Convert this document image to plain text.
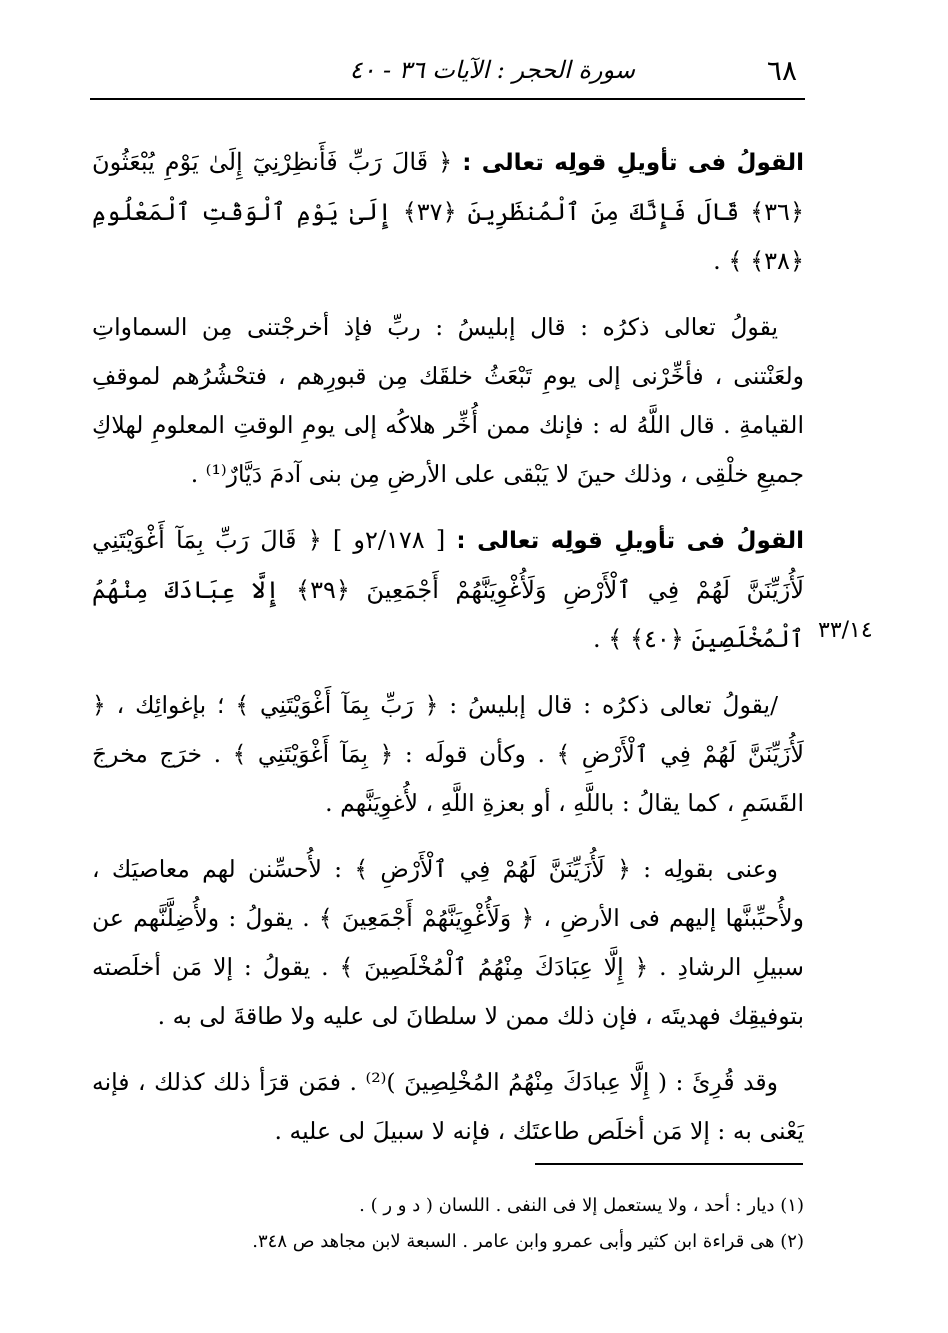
٦٨
سورة الحجر : الآيات ٣٦ - ٤٠
٣٣/١٤

القولُ فى تأويلِ قولِه تعالى : ﴿ قَالَ رَبِّ فَأَنظِرْنِيٓ إِلَىٰ يَوْمِ يُبْعَثُونَ ﴿٣٦﴾ قَالَ فَإِنَّكَ مِنَ ٱلْمُنظَرِينَ ﴿٣٧﴾ إِلَىٰ يَوْمِ ٱلْوَقْتِ ٱلْمَعْلُومِ ﴿٣٨﴾ ﴾ .

يقولُ تعالى ذكرُه : قال إبليسُ : ربِّ فإذ أخرجْتنى مِن السماواتِ ولعَنْتنى ، فأخِّرْنى إلى يومِ تَبْعَثُ خلقَك مِن قبورِهم ، فتحْشُرُهم لموقفِ القيامةِ . قال اللَّهُ له : فإنك ممن أُخِّر هلاكُه إلى يومِ الوقتِ المعلومِ لهلاكِ جميعِ خلْقِى ، وذلك حينَ لا يَبْقى على الأرضِ مِن بنى آدمَ دَيَّارٌ⁽¹⁾ .

القولُ فى تأويلِ قولِه تعالى : [ ٢/١٧٨و ] ﴿ قَالَ رَبِّ بِمَآ أَغْوَيْتَنِي لَأُزَيِّنَنَّ لَهُمْ فِي ٱلْأَرْضِ وَلَأُغْوِيَنَّهُمْ أَجْمَعِينَ ﴿٣٩﴾ إِلَّا عِبَادَكَ مِنْهُمُ ٱلْمُخْلَصِينَ ﴿٤٠﴾ ﴾ .

/يقولُ تعالى ذكرُه : قال إبليسُ : ﴿ رَبِّ بِمَآ أَغْوَيْتَنِي ﴾ ؛ بإغوائِك ، ﴿ لَأُزَيِّنَنَّ لَهُمْ فِي ٱلْأَرْضِ ﴾ . وكأن قولَه : ﴿ بِمَآ أَغْوَيْتَنِي ﴾ . خرَج مخرجَ القَسَمِ ، كما يقالُ : باللَّهِ ، أو بعزةِ اللَّهِ ، لأُغوِيَنَّهم .

وعنى بقولِه : ﴿ لَأُزَيِّنَنَّ لَهُمْ فِي ٱلْأَرْضِ ﴾ : لأُحسِّنن لهم معاصيَك ، ولأُحبِّبنَّها إليهم فى الأرضِ ، ﴿ وَلَأُغْوِيَنَّهُمْ أَجْمَعِينَ ﴾ . يقولُ : ولأُضِلَّنَّهم عن سبيلِ الرشادِ . ﴿ إِلَّا عِبَادَكَ مِنْهُمُ ٱلْمُخْلَصِينَ ﴾ . يقولُ : إلا مَن أخلَصته بتوفيقِك فهديتَه ، فإن ذلك ممن لا سلطانَ لى عليه ولا طاقةَ لى به .

وقد قُرِئَ : ( إِلَّا عِبادَكَ مِنْهُمُ المُخْلِصِينَ )⁽²⁾ . فمَن قرَأ ذلك كذلك ، فإنه يَعْنى به : إلا مَن أخلَص طاعتَك ، فإنه لا سبيلَ لى عليه .

(١) ديار : أحد ، ولا يستعمل إلا فى النفى . اللسان ( د و ر ) .

(٢) هى قراءة ابن كثير وأبى عمرو وابن عامر . السبعة لابن مجاهد ص ٣٤٨.
